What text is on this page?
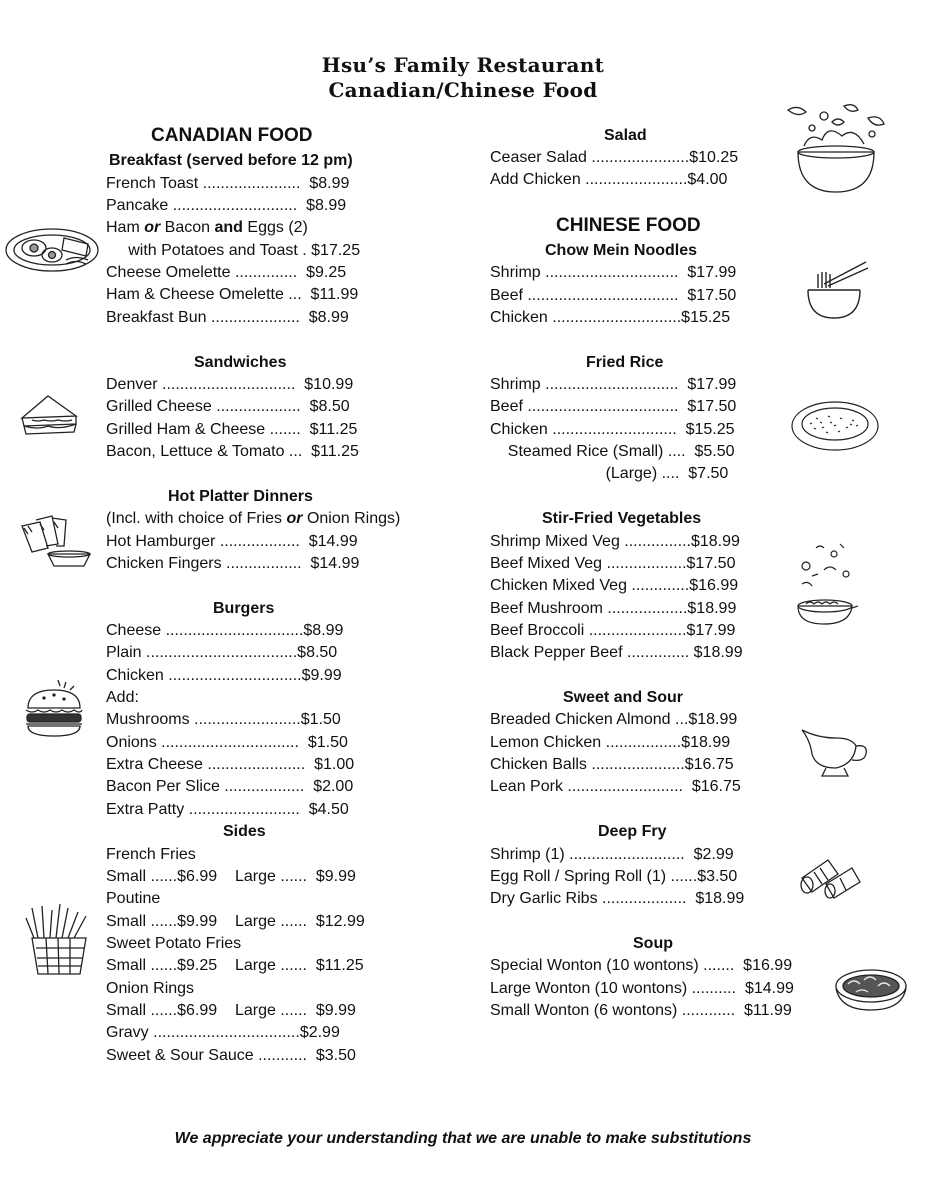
Hsu’s Family Restaurant
Canadian/Chinese Food
CANADIAN FOOD
Breakfast (served before 12 pm)
French Toast ......................  $8.99
Pancake ............................  $8.99
Ham or Bacon and Eggs (2)
with Potatoes and Toast . $17.25
Cheese Omelette ..............  $9.25
Ham & Cheese Omelette ...  $11.99
Breakfast Bun ....................  $8.99
Sandwiches
Denver ..............................  $10.99
Grilled Cheese ...................  $8.50
Grilled Ham & Cheese .......  $11.25
Bacon, Lettuce & Tomato ...  $11.25
Hot Platter Dinners
(Incl. with choice of Fries or Onion Rings)
Hot Hamburger ..................  $14.99
Chicken Fingers .................  $14.99
Burgers
Cheese ...............................$8.99
Plain ..................................$8.50
Chicken ..............................$9.99
Add:
Mushrooms ........................$1.50
Onions ...............................  $1.50
Extra Cheese ......................  $1.00
Bacon Per Slice ..................  $2.00
Extra Patty .........................  $4.50
Sides
French Fries
Small ......$6.99    Large ......  $9.99
Poutine
Small ......$9.99    Large ......  $12.99
Sweet Potato Fries
Small ......$9.25    Large ......  $11.25
Onion Rings
Small ......$6.99    Large ......  $9.99
Gravy .................................$2.99
Sweet & Sour Sauce ...........  $3.50
Salad
Ceaser Salad ......................$10.25
Add Chicken .......................$4.00
CHINESE FOOD
Chow Mein Noodles
Shrimp ..............................  $17.99
Beef ..................................  $17.50
Chicken .............................$15.25
Fried Rice
Shrimp ..............................  $17.99
Beef ..................................  $17.50
Chicken ............................  $15.25
Steamed Rice (Small) ....  $5.50
(Large) ....  $7.50
Stir-Fried Vegetables
Shrimp Mixed Veg ...............$18.99
Beef Mixed Veg ..................$17.50
Chicken Mixed Veg .............$16.99
Beef Mushroom ..................$18.99
Beef Broccoli ......................$17.99
Black Pepper Beef .............. $18.99
Sweet and Sour
Breaded Chicken Almond ...$18.99
Lemon Chicken .................$18.99
Chicken Balls .....................$16.75
Lean Pork ..........................  $16.75
Deep Fry
Shrimp (1) ..........................  $2.99
Egg Roll / Spring Roll (1) ......$3.50
Dry Garlic Ribs ...................  $18.99
Soup
Special Wonton (10 wontons) .......  $16.99
Large Wonton (10 wontons) ..........  $14.99
Small Wonton (6 wontons) ............  $11.99
We appreciate your understanding that we are unable to make substitutions
